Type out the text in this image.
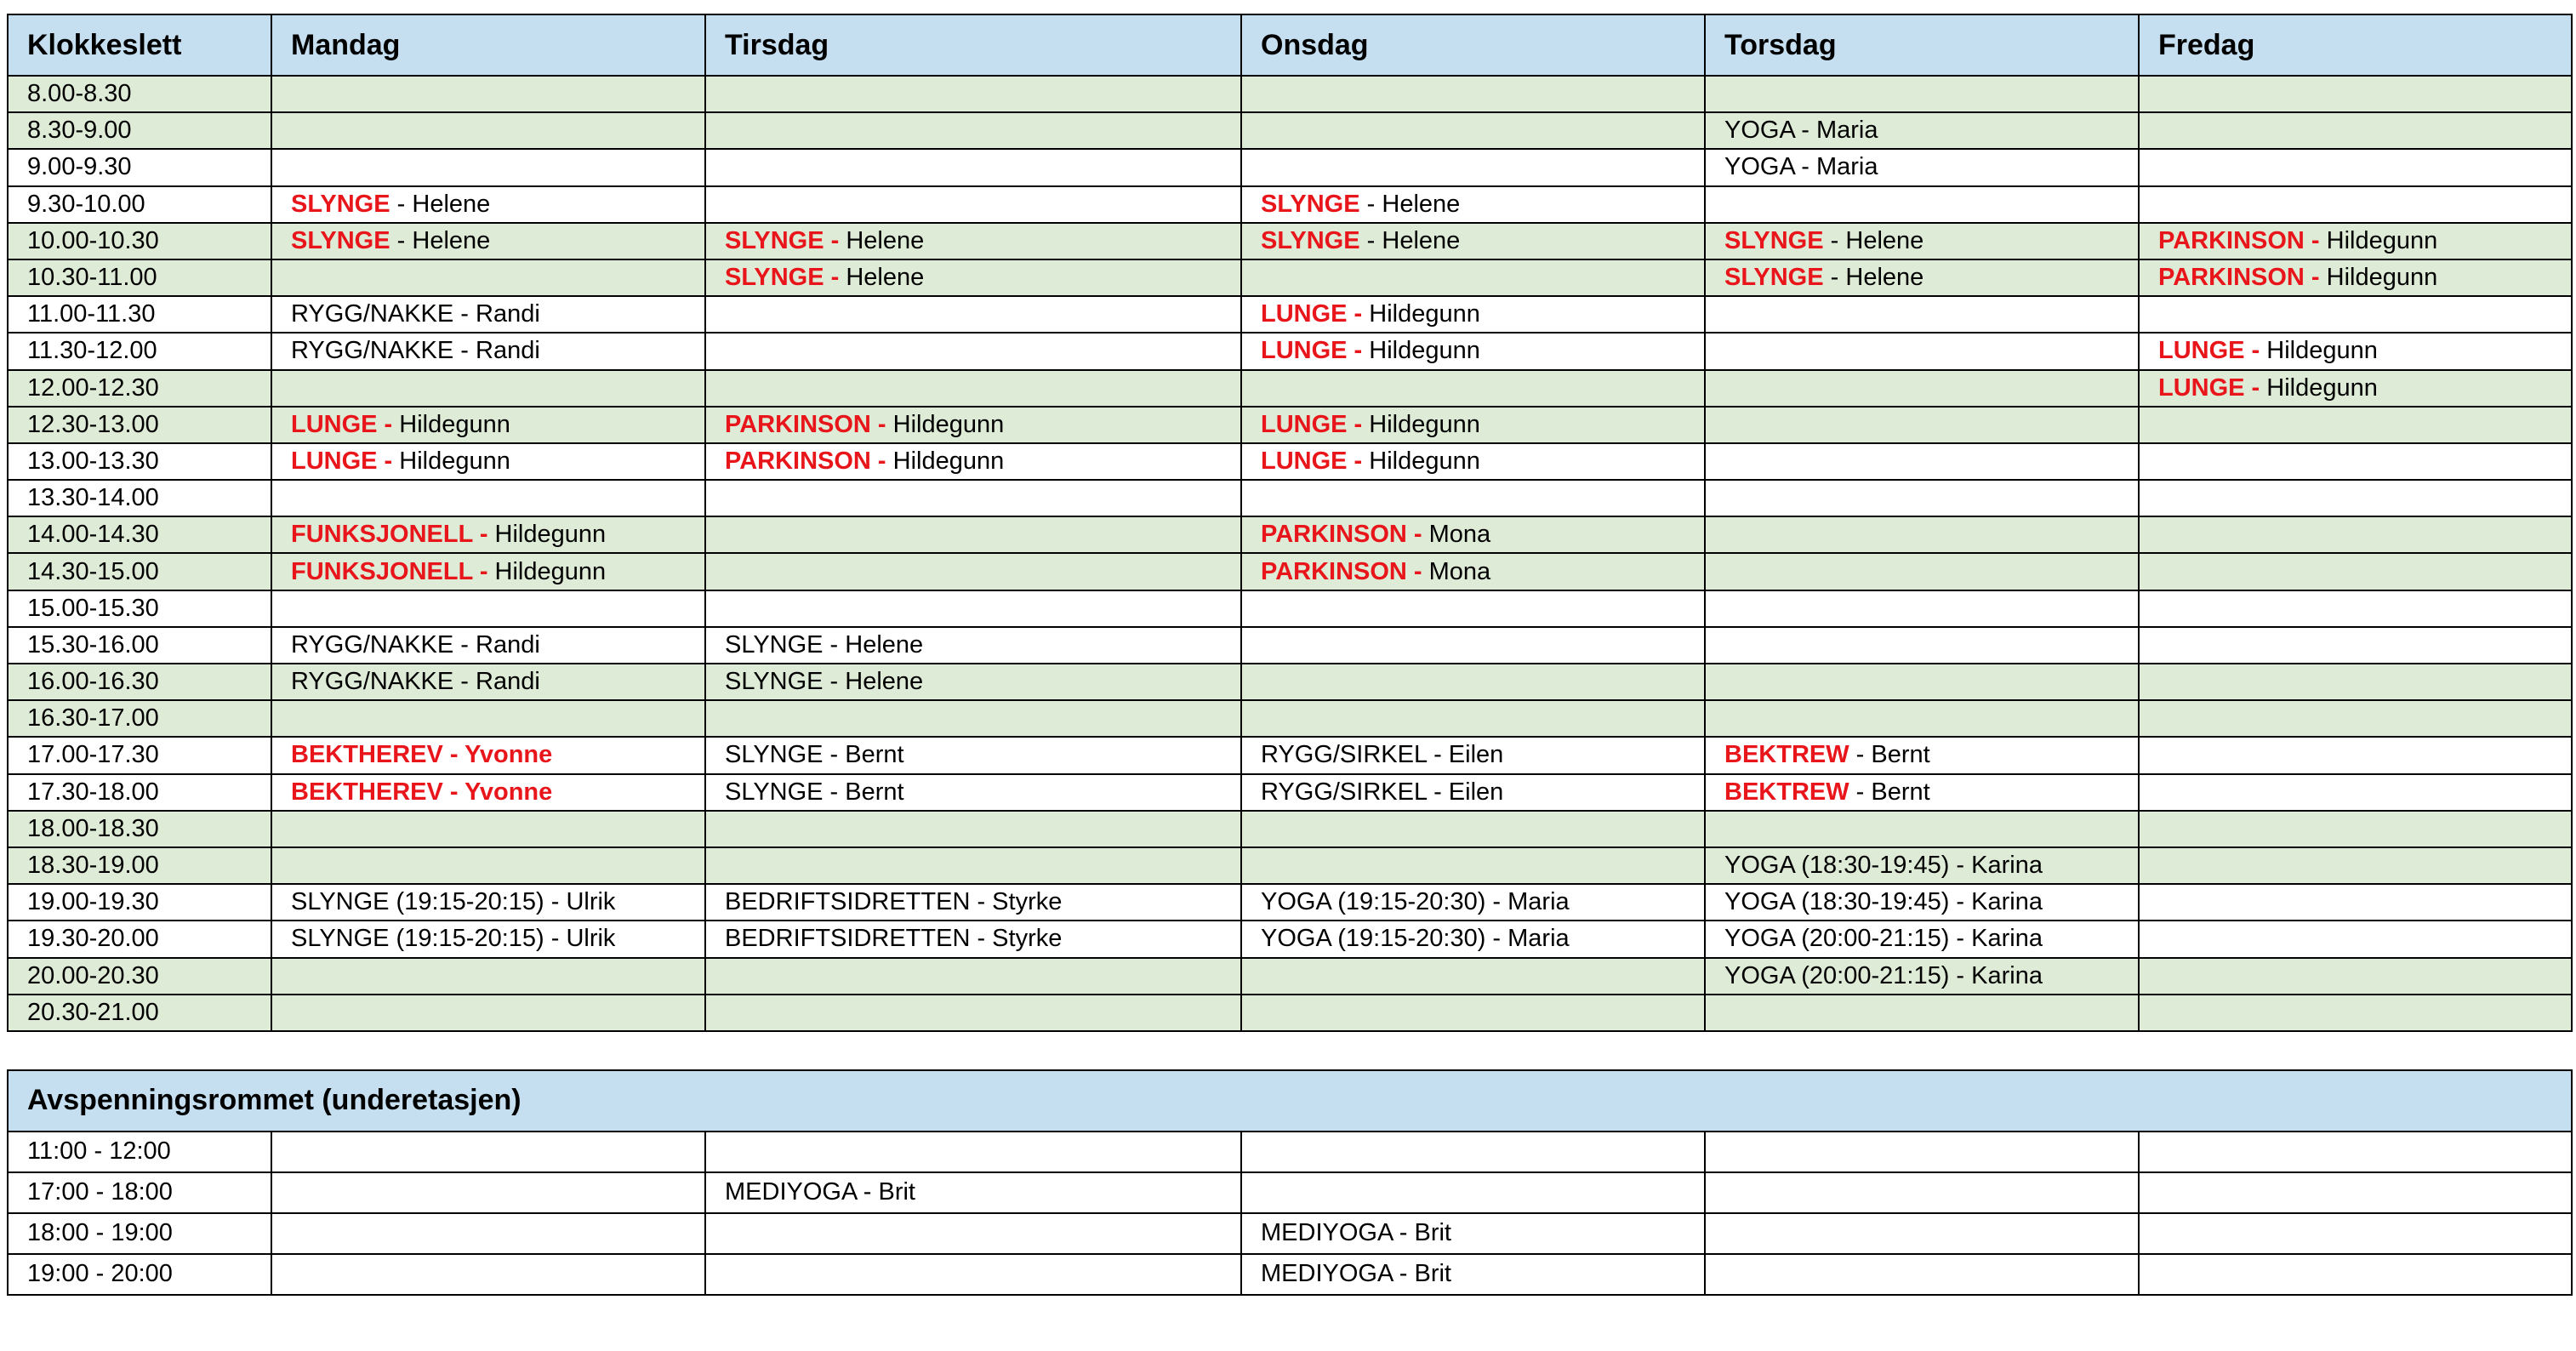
Klokkeslett	Mandag	Tirsdag	Onsdag	Torsdag	Fredag
8.00-8.30					
8.30-9.00				YOGA - Maria	
9.00-9.30				YOGA - Maria	
9.30-10.00	SLYNGE - Helene		SLYNGE - Helene		
10.00-10.30	SLYNGE - Helene	SLYNGE - Helene	SLYNGE - Helene	SLYNGE - Helene	PARKINSON - Hildegunn
10.30-11.00		SLYNGE - Helene		SLYNGE - Helene	PARKINSON - Hildegunn
11.00-11.30	RYGG/NAKKE - Randi		LUNGE - Hildegunn		
11.30-12.00	RYGG/NAKKE - Randi		LUNGE - Hildegunn		LUNGE - Hildegunn
12.00-12.30					LUNGE - Hildegunn
12.30-13.00	LUNGE - Hildegunn	PARKINSON - Hildegunn	LUNGE - Hildegunn		
13.00-13.30	LUNGE - Hildegunn	PARKINSON - Hildegunn	LUNGE - Hildegunn		
13.30-14.00					
14.00-14.30	FUNKSJONELL - Hildegunn		PARKINSON - Mona		
14.30-15.00	FUNKSJONELL - Hildegunn		PARKINSON - Mona		
15.00-15.30					
15.30-16.00	RYGG/NAKKE - Randi	SLYNGE - Helene			
16.00-16.30	RYGG/NAKKE - Randi	SLYNGE - Helene			
16.30-17.00					
17.00-17.30	BEKTHEREV - Yvonne	SLYNGE - Bernt	RYGG/SIRKEL - Eilen	BEKTREW - Bernt	
17.30-18.00	BEKTHEREV - Yvonne	SLYNGE - Bernt	RYGG/SIRKEL - Eilen	BEKTREW - Bernt	
18.00-18.30					
18.30-19.00				YOGA (18:30-19:45) - Karina	
19.00-19.30	SLYNGE (19:15-20:15) - Ulrik	BEDRIFTSIDRETTEN - Styrke	YOGA (19:15-20:30) - Maria	YOGA (18:30-19:45) - Karina	
19.30-20.00	SLYNGE (19:15-20:15) - Ulrik	BEDRIFTSIDRETTEN - Styrke	YOGA (19:15-20:30) - Maria	YOGA (20:00-21:15) - Karina	
20.00-20.30				YOGA (20:00-21:15) - Karina	
20.30-21.00					
Avspenningsrommet (underetasjen)					
11:00 - 12:00					
17:00 - 18:00		MEDIYOGA - Brit			
18:00 - 19:00			MEDIYOGA - Brit		
19:00 - 20:00			MEDIYOGA - Brit		
